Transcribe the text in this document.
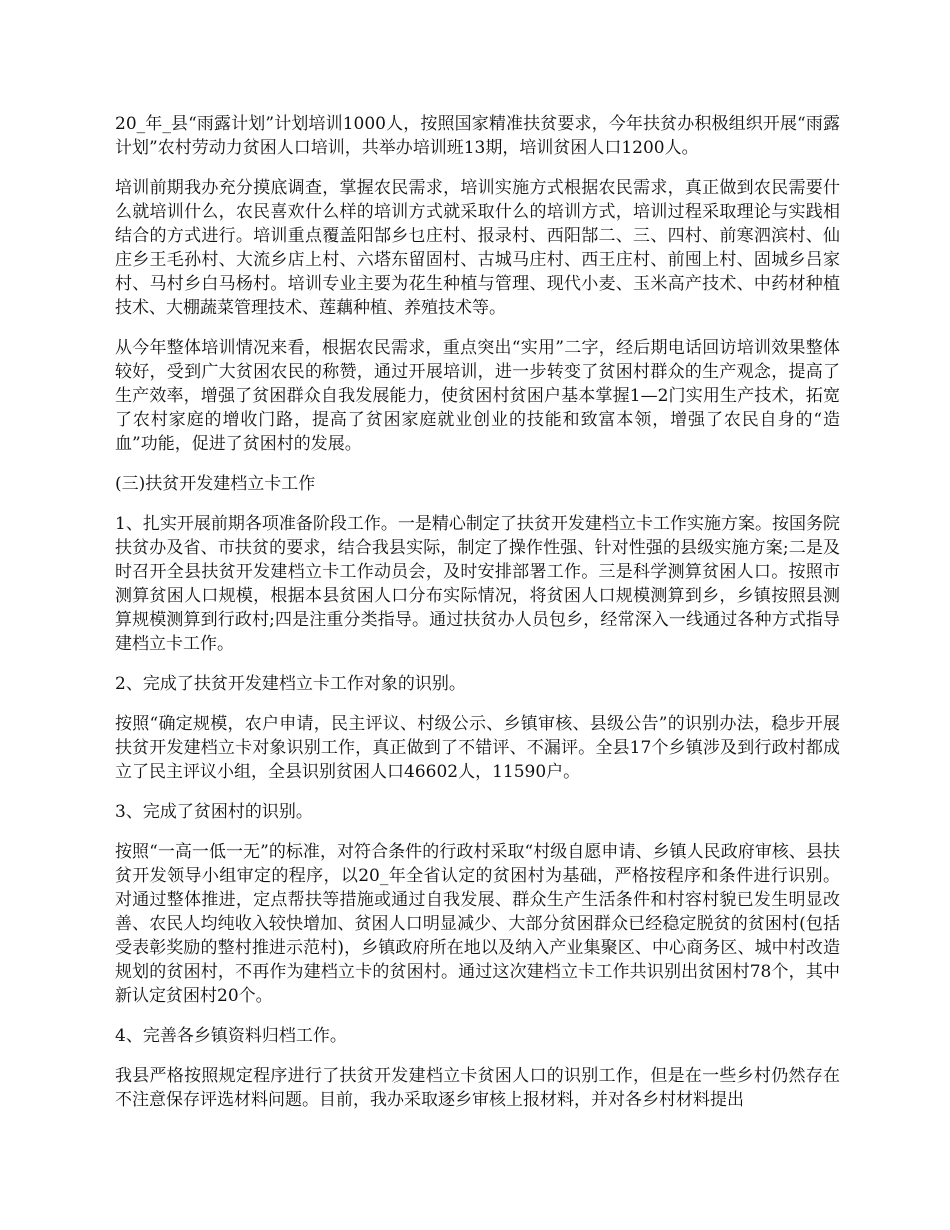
20_年_县“雨露计划”计划培训1000人，按照国家精准扶贫要求，今年扶贫办积极组织开展“雨露计划”农村劳动力贫困人口培训，共举办培训班13期，培训贫困人口1200人。

培训前期我办充分摸底调查，掌握农民需求，培训实施方式根据农民需求，真正做到农民需要什么就培训什么，农民喜欢什么样的培训方式就采取什么的培训方式，培训过程采取理论与实践相结合的方式进行。培训重点覆盖阳郜乡乜庄村、报录村、西阳郜二、三、四村、前寒泗滨村、仙庄乡王毛孙村、大流乡店上村、六塔东留固村、古城马庄村、西王庄村、前囤上村、固城乡吕家村、马村乡白马杨村。培训专业主要为花生种植与管理、现代小麦、玉米高产技术、中药材种植技术、大棚蔬菜管理技术、莲藕种植、养殖技术等。

从今年整体培训情况来看，根据农民需求，重点突出“实用”二字，经后期电话回访培训效果整体较好，受到广大贫困农民的称赞，通过开展培训，进一步转变了贫困村群众的生产观念，提高了生产效率，增强了贫困群众自我发展能力，使贫困村贫困户基本掌握1—2门实用生产技术，拓宽了农村家庭的增收门路，提高了贫困家庭就业创业的技能和致富本领，增强了农民自身的“造血”功能，促进了贫困村的发展。

(三)扶贫开发建档立卡工作

1、扎实开展前期各项准备阶段工作。一是精心制定了扶贫开发建档立卡工作实施方案。按国务院扶贫办及省、市扶贫的要求，结合我县实际，制定了操作性强、针对性强的县级实施方案;二是及时召开全县扶贫开发建档立卡工作动员会，及时安排部署工作。三是科学测算贫困人口。按照市测算贫困人口规模，根据本县贫困人口分布实际情况，将贫困人口规模测算到乡，乡镇按照县测算规模测算到行政村;四是注重分类指导。通过扶贫办人员包乡，经常深入一线通过各种方式指导建档立卡工作。

2、完成了扶贫开发建档立卡工作对象的识别。

按照“确定规模，农户申请，民主评议、村级公示、乡镇审核、县级公告”的识别办法，稳步开展扶贫开发建档立卡对象识别工作，真正做到了不错评、不漏评。全县17个乡镇涉及到行政村都成立了民主评议小组，全县识别贫困人口46602人，11590户。

3、完成了贫困村的识别。

按照“一高一低一无”的标准，对符合条件的行政村采取“村级自愿申请、乡镇人民政府审核、县扶贫开发领导小组审定的程序，以20_年全省认定的贫困村为基础，严格按程序和条件进行识别。对通过整体推进，定点帮扶等措施或通过自我发展、群众生产生活条件和村容村貌已发生明显改善、农民人均纯收入较快增加、贫困人口明显减少、大部分贫困群众已经稳定脱贫的贫困村(包括受表彰奖励的整村推进示范村)，乡镇政府所在地以及纳入产业集聚区、中心商务区、城中村改造规划的贫困村，不再作为建档立卡的贫困村。通过这次建档立卡工作共识别出贫困村78个，其中新认定贫困村20个。

4、完善各乡镇资料归档工作。

我县严格按照规定程序进行了扶贫开发建档立卡贫困人口的识别工作，但是在一些乡村仍然存在不注意保存评选材料问题。目前，我办采取逐乡审核上报材料，并对各乡村材料提出
